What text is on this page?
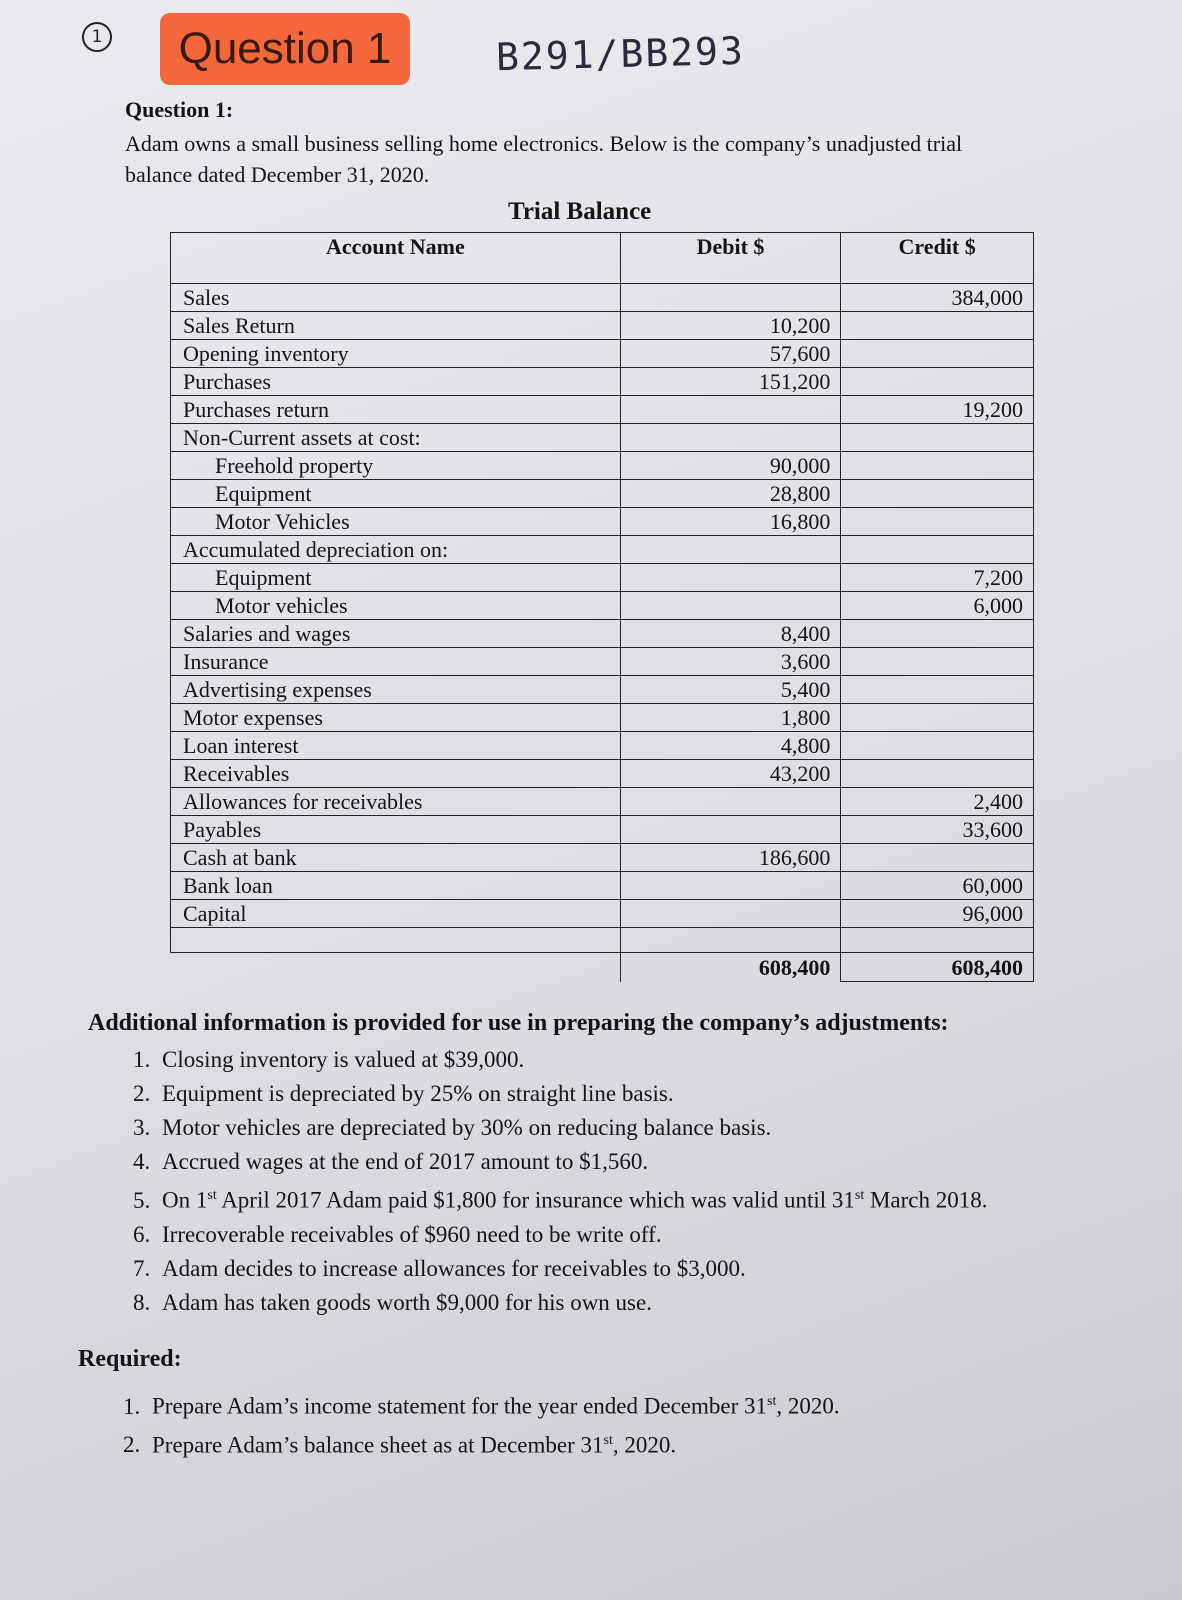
1	Question 1	B291/BB293
Question 1:
Adam owns a small business selling home electronics. Below is the company’s unadjusted trial balance dated December 31, 2020.
Trial Balance
Account Name	Debit $	Credit $
Sales		384,000
Sales Return	10,200	
Opening inventory	57,600	
Purchases	151,200	
Purchases return		19,200
Non-Current assets at cost:		
Freehold property	90,000	
Equipment	28,800	
Motor Vehicles	16,800	
Accumulated depreciation on:		
Equipment		7,200
Motor vehicles		6,000
Salaries and wages	8,400	
Insurance	3,600	
Advertising expenses	5,400	
Motor expenses	1,800	
Loan interest	4,800	
Receivables	43,200	
Allowances for receivables		2,400
Payables		33,600
Cash at bank	186,600	
Bank loan		60,000
Capital		96,000

	608,400	608,400
Additional information is provided for use in preparing the company’s adjustments:
1. Closing inventory is valued at $39,000.
2. Equipment is depreciated by 25% on straight line basis.
3. Motor vehicles are depreciated by 30% on reducing balance basis.
4. Accrued wages at the end of 2017 amount to $1,560.
5. On 1st April 2017 Adam paid $1,800 for insurance which was valid until 31st March 2018.
6. Irrecoverable receivables of $960 need to be write off.
7. Adam decides to increase allowances for receivables to $3,000.
8. Adam has taken goods worth $9,000 for his own use.
Required:
1. Prepare Adam’s income statement for the year ended December 31st, 2020.
2. Prepare Adam’s balance sheet as at December 31st, 2020.
